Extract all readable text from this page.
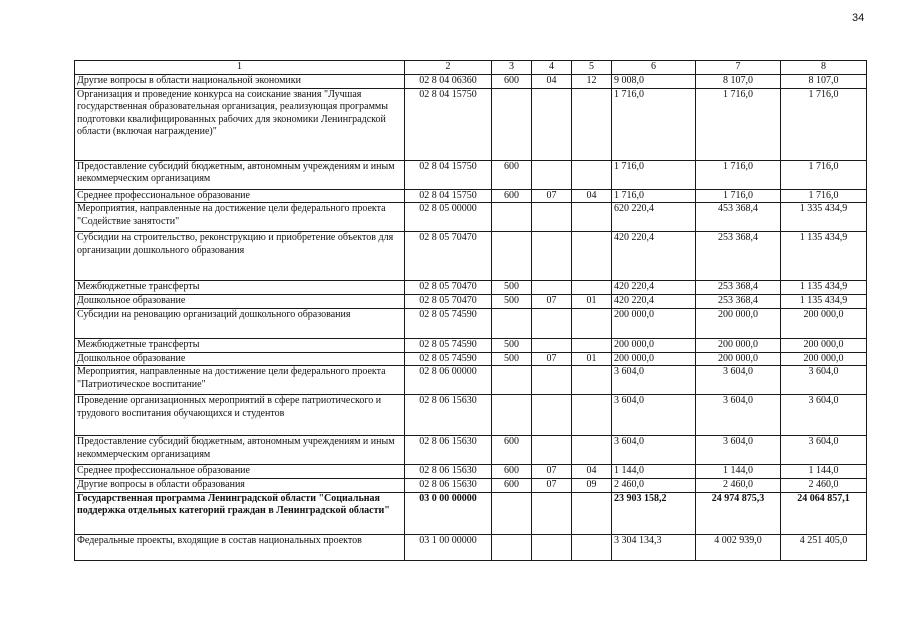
34
1	2	3	4	5	6	7	8
Другие вопросы в области национальной экономики	02 8 04 06360	600	04	12	9 008,0	8 107,0	8 107,0
Организация и проведение конкурса на соискание звания "Лучшая государственная образовательная организация, реализующая программы подготовки квалифицированных рабочих для экономики Ленинградской области (включая награждение)"	02 8 04 15750				1 716,0	1 716,0	1 716,0
Предоставление субсидий бюджетным, автономным учреждениям и иным некоммерческим организациям	02 8 04 15750	600			1 716,0	1 716,0	1 716,0
Среднее профессиональное образование	02 8 04 15750	600	07	04	1 716,0	1 716,0	1 716,0
Мероприятия, направленные на достижение цели федерального проекта "Содействие занятости"	02 8 05 00000				620 220,4	453 368,4	1 335 434,9
Субсидии на строительство, реконструкцию и приобретение объектов для организации дошкольного образования	02 8 05 70470				420 220,4	253 368,4	1 135 434,9
Межбюджетные трансферты	02 8 05 70470	500			420 220,4	253 368,4	1 135 434,9
Дошкольное образование	02 8 05 70470	500	07	01	420 220,4	253 368,4	1 135 434,9
Субсидии на реновацию организаций дошкольного образования	02 8 05 74590				200 000,0	200 000,0	200 000,0
Межбюджетные трансферты	02 8 05 74590	500			200 000,0	200 000,0	200 000,0
Дошкольное образование	02 8 05 74590	500	07	01	200 000,0	200 000,0	200 000,0
Мероприятия, направленные на достижение цели федерального проекта "Патриотическое воспитание"	02 8 06 00000				3 604,0	3 604,0	3 604,0
Проведение организационных мероприятий в сфере патриотического и трудового воспитания обучающихся и студентов	02 8 06 15630				3 604,0	3 604,0	3 604,0
Предоставление субсидий бюджетным, автономным учреждениям и иным некоммерческим организациям	02 8 06 15630	600			3 604,0	3 604,0	3 604,0
Среднее профессиональное образование	02 8 06 15630	600	07	04	1 144,0	1 144,0	1 144,0
Другие вопросы в области образования	02 8 06 15630	600	07	09	2 460,0	2 460,0	2 460,0
Государственная программа Ленинградской области "Социальная поддержка отдельных категорий граждан в Ленинградской области"	03 0 00 00000				23 903 158,2	24 974 875,3	24 064 857,1
Федеральные проекты, входящие в состав национальных проектов	03 1 00 00000				3 304 134,3	4 002 939,0	4 251 405,0
